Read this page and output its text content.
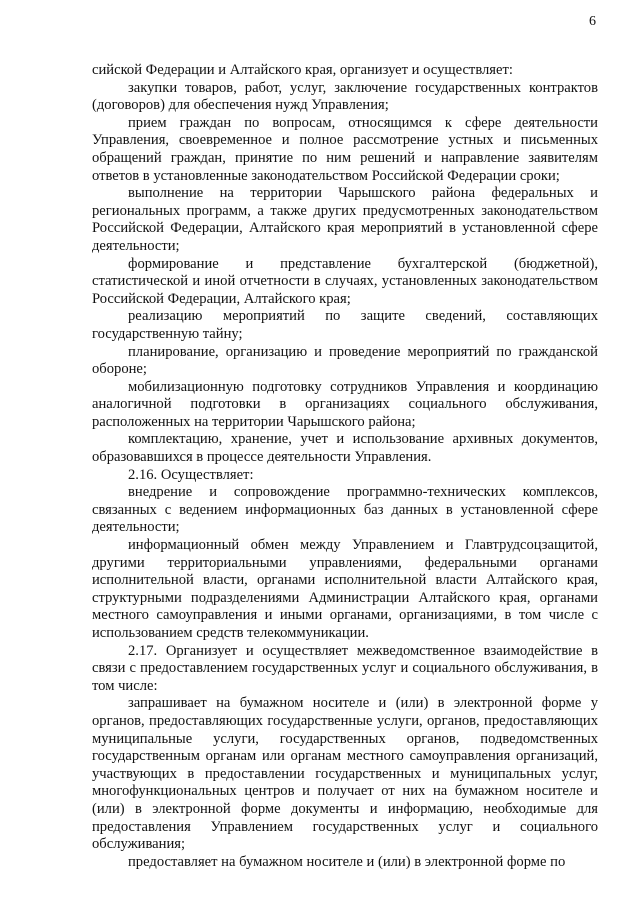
6

сийской Федерации и Алтайского края, организует и осуществляет:

закупки товаров, работ, услуг, заключение государственных контрактов (договоров) для обеспечения нужд Управления;

прием граждан по вопросам, относящимся к сфере деятельности Управления, своевременное и полное рассмотрение устных и письменных обращений граждан, принятие по ним решений и направление заявителям ответов в установленные законодательством Российской Федерации сроки;

выполнение на территории Чарышского района федеральных и региональных программ, а также других предусмотренных законодательством Российской Федерации, Алтайского края мероприятий в установленной сфере деятельности;

формирование и представление бухгалтерской (бюджетной), статистической и иной отчетности в случаях, установленных законодательством Российской Федерации, Алтайского края;

реализацию мероприятий по защите сведений, составляющих государственную тайну;

планирование, организацию и проведение мероприятий по гражданской обороне;

мобилизационную подготовку сотрудников Управления и координацию аналогичной подготовки в организациях социального обслуживания, расположенных на территории Чарышского района;

комплектацию, хранение, учет и использование архивных документов, образовавшихся в процессе деятельности Управления.

2.16. Осуществляет:

внедрение и сопровождение программно-технических комплексов, связанных с ведением информационных баз данных в установленной сфере деятельности;

информационный обмен между Управлением и Главтрудсоцзащитой, другими территориальными управлениями, федеральными органами исполнительной власти, органами исполнительной власти Алтайского края, структурными подразделениями Администрации Алтайского края, органами местного самоуправления и иными органами, организациями, в том числе с использованием средств телекоммуникации.

2.17. Организует и осуществляет межведомственное взаимодействие в связи с предоставлением государственных услуг и социального обслуживания, в том числе:

запрашивает на бумажном носителе и (или) в электронной форме у органов, предоставляющих государственные услуги, органов, предоставляющих муниципальные услуги, государственных органов, подведомственных государственным органам или органам местного самоуправления организаций, участвующих в предоставлении государственных и муниципальных услуг, многофункциональных центров и получает от них на бумажном носителе и (или) в электронной форме документы и информацию, необходимые для предоставления Управлением государственных услуг и социального обслуживания;

предоставляет на бумажном носителе и (или) в электронной форме по
